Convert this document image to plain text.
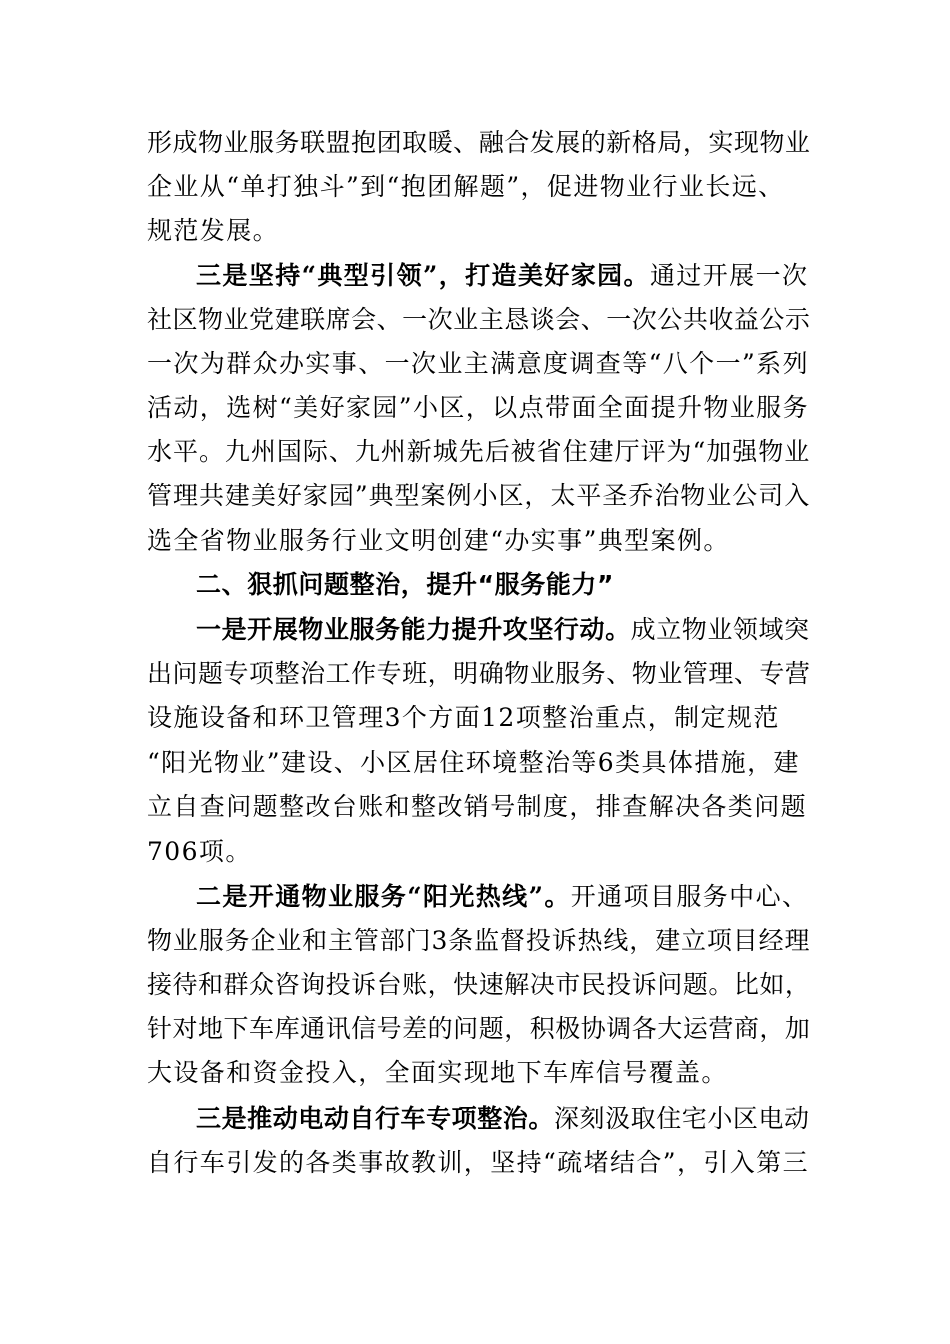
形成物业服务联盟抱团取暖、融合发展的新格局，实现物业
企业从“单打独斗”到“抱团解题”，促进物业行业长远、
规范发展。
三是坚持“典型引领”，打造美好家园。通过开展一次
社区物业党建联席会、一次业主恳谈会、一次公共收益公示
一次为群众办实事、一次业主满意度调查等“八个一”系列
活动，选树“美好家园”小区，以点带面全面提升物业服务
水平。九州国际、九州新城先后被省住建厅评为“加强物业
管理共建美好家园”典型案例小区，太平圣乔治物业公司入
选全省物业服务行业文明创建“办实事”典型案例。
二、狠抓问题整治，提升“服务能力”
一是开展物业服务能力提升攻坚行动。成立物业领域突
出问题专项整治工作专班，明确物业服务、物业管理、专营
设施设备和环卫管理3个方面12项整治重点，制定规范
“阳光物业”建设、小区居住环境整治等6类具体措施，建
立自查问题整改台账和整改销号制度，排查解决各类问题
706项。
二是开通物业服务“阳光热线”。开通项目服务中心、
物业服务企业和主管部门3条监督投诉热线，建立项目经理
接待和群众咨询投诉台账，快速解决市民投诉问题。比如，
针对地下车库通讯信号差的问题，积极协调各大运营商，加
大设备和资金投入，全面实现地下车库信号覆盖。
三是推动电动自行车专项整治。深刻汲取住宅小区电动
自行车引发的各类事故教训，坚持“疏堵结合”，引入第三
